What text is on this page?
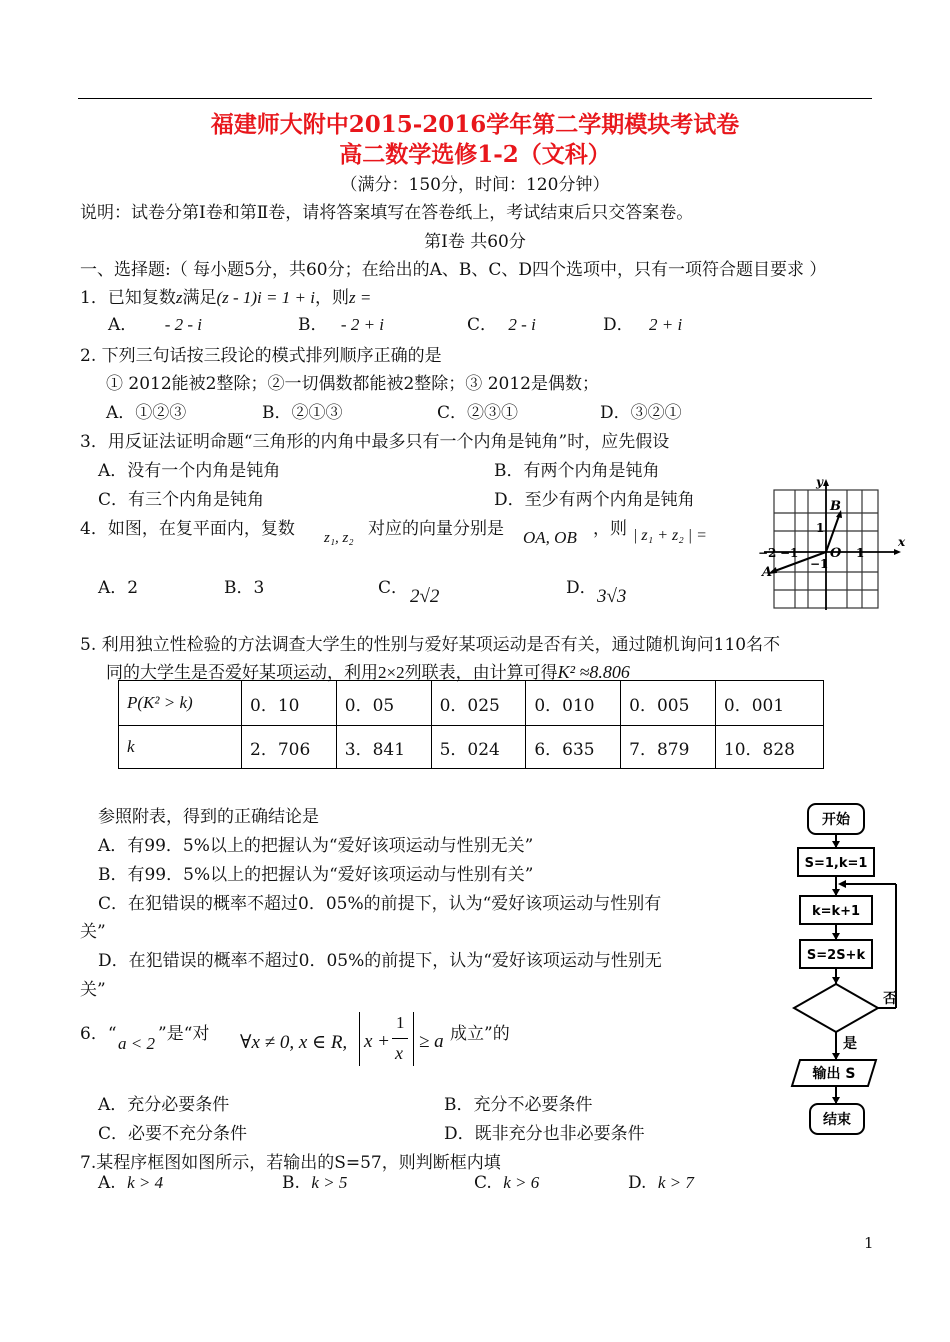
福建师大附中2015-2016学年第二学期模块考试卷
高二数学选修1-2（文科）
（满分：150分，时间：120分钟）
说明：试卷分第Ⅰ卷和第Ⅱ卷，请将答案填写在答卷纸上，考试结束后只交答案卷。
第Ⅰ卷 共60分
一、选择题:（ 每小题5分，共60分；在给出的A、B、C、D四个选项中，只有一项符合题目要求 ）
1．已知复数z满足(z - 1)i = 1 + i，则z =
A． - 2 - i	B． - 2 + i	C． 2 - i	D． 2 + i
2. 下列三句话按三段论的模式排列顺序正确的是
① 2012能被2整除；②一切偶数都能被2整除；③ 2012是偶数；
A．①②③	B．②①③	C．②③①	D．③②①
3．用反证法证明命题“三角形的内角中最多只有一个内角是钝角”时，应先假设
A．没有一个内角是钝角	B．有两个内角是钝角
C．有三个内角是钝角	D．至少有两个内角是钝角
4．如图，在复平面内，复数 z₁, z₂ 对应的向量分别是 OA, OB ，则 | z₁ + z₂ | =
A．2	B．3	C． 2√2	D． 3√3
y
x
B
A
O
1
−1
−2 −1	1
5. 利用独立性检验的方法调查大学生的性别与爱好某项运动是否有关，通过随机询问110名不
同的大学生是否爱好某项运动，利用2×2列联表，由计算可得K² ≈8.806
P(K² > k)	0．10	0．05	0．025	0．010	0．005	0．001
k	2．706	3．841	5．024	6．635	7．879	10．828
参照附表，得到的正确结论是
A．有99．5%以上的把握认为“爱好该项运动与性别无关”
B．有99．5%以上的把握认为“爱好该项运动与性别有关”
C．在犯错误的概率不超过0．05%的前提下，认为“爱好该项运动与性别有
关”
D．在犯错误的概率不超过0．05%的前提下，认为“爱好该项运动与性别无
关”
开始
S=1,k=1
k=k+1
S=2S+k
否
是
输出 S
结束
6．“ a < 2 ”是“对 ∀x ≠ 0, x ∈ R, x +
1
x
≥ a 成立”的
A．充分必要条件	B．充分不必要条件
C．必要不充分条件	D．既非充分也非必要条件
7.某程序框图如图所示，若输出的S=57，则判断框内填
A. k > 4	B. k > 5	C. k > 6	D. k > 7
1
